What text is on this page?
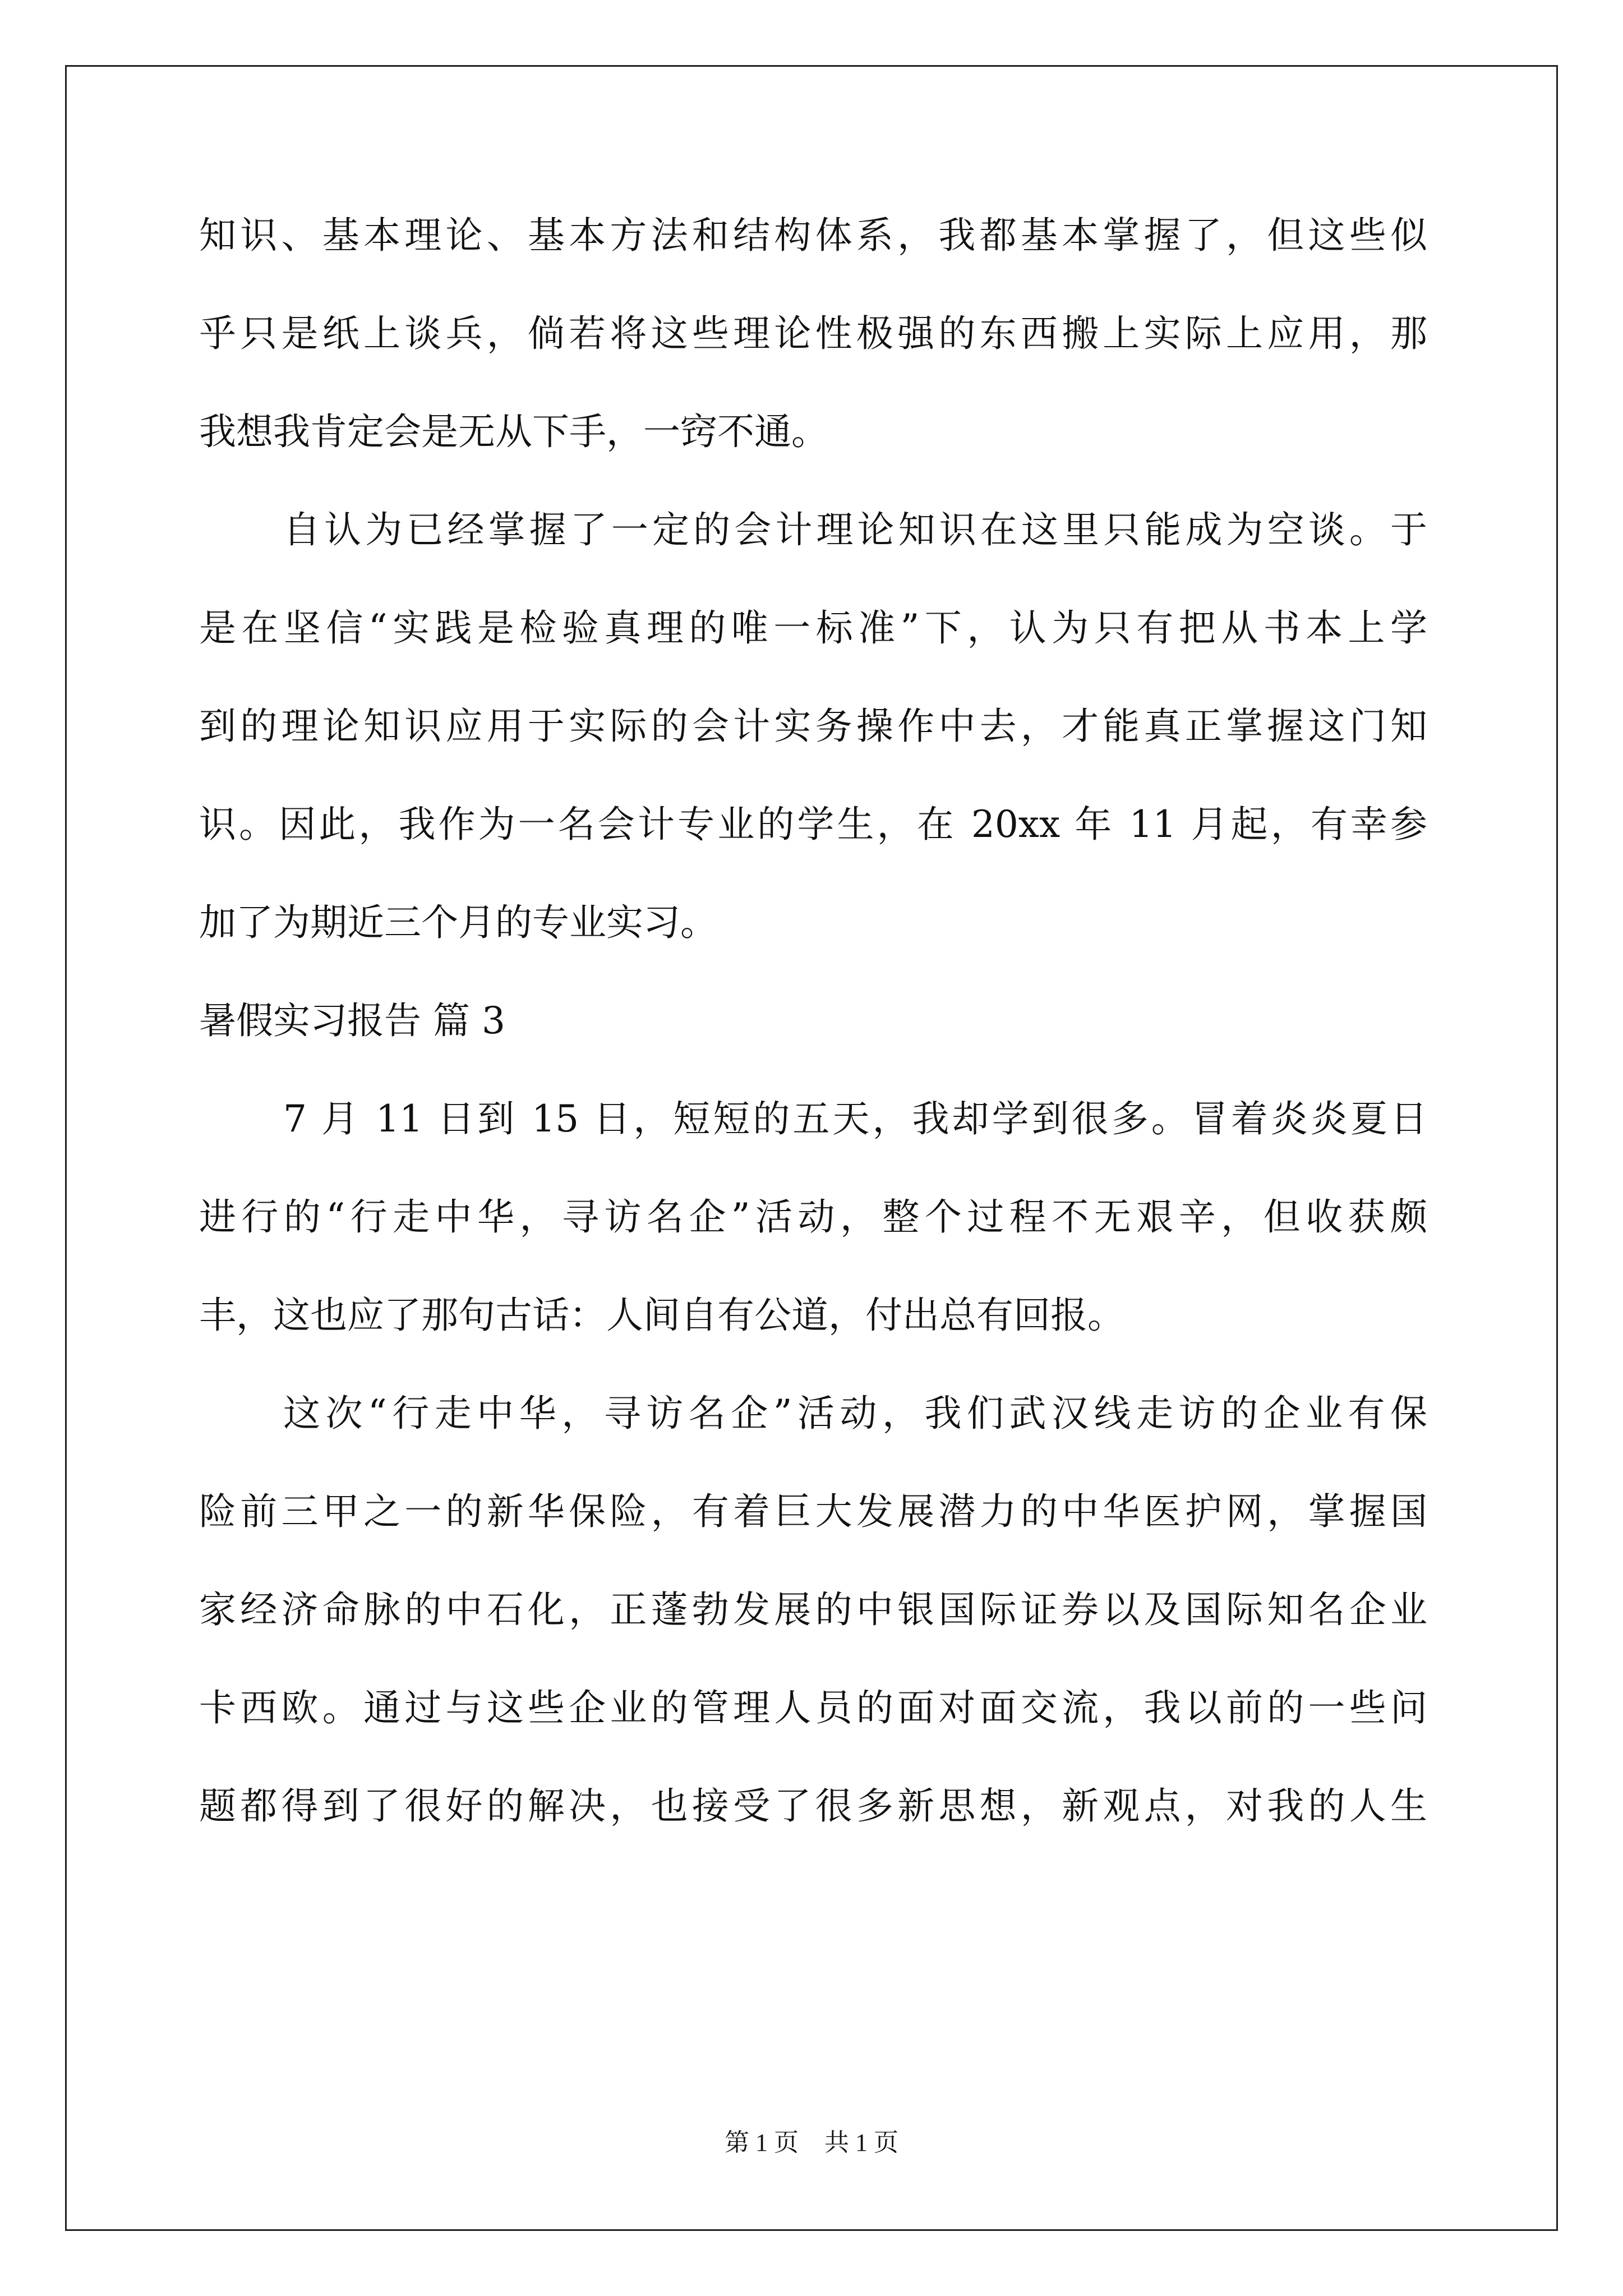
知识、基本理论、基本方法和结构体系，我都基本掌握了，但这些似
乎只是纸上谈兵，倘若将这些理论性极强的东西搬上实际上应用，那
我想我肯定会是无从下手，一窍不通。
自认为已经掌握了一定的会计理论知识在这里只能成为空谈。于
是在坚信“实践是检验真理的唯一标准”下，认为只有把从书本上学
到的理论知识应用于实际的会计实务操作中去，才能真正掌握这门知
识。因此，我作为一名会计专业的学生，在 20xx 年 11 月起，有幸参
加了为期近三个月的专业实习。
暑假实习报告 篇 3
7 月 11 日到 15 日，短短的五天，我却学到很多。冒着炎炎夏日
进行的“行走中华，寻访名企”活动，整个过程不无艰辛，但收获颇
丰，这也应了那句古话：人间自有公道，付出总有回报。
这次“行走中华，寻访名企”活动，我们武汉线走访的企业有保
险前三甲之一的新华保险，有着巨大发展潜力的中华医护网，掌握国
家经济命脉的中石化，正蓬勃发展的中银国际证券以及国际知名企业
卡西欧。通过与这些企业的管理人员的面对面交流，我以前的一些问
题都得到了很好的解决，也接受了很多新思想，新观点，对我的人生
第 1 页 共 1 页
